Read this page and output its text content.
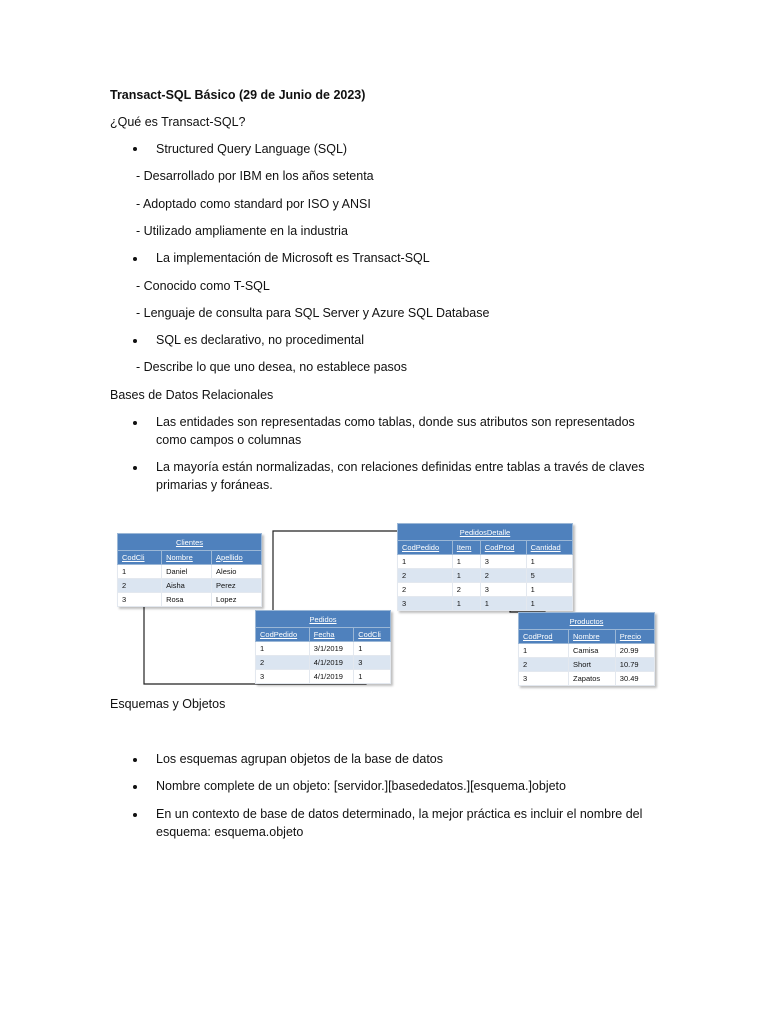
Transact-SQL Básico (29 de Junio de 2023)
¿Qué es Transact-SQL?
Structured Query Language (SQL)
- Desarrollado por IBM en los años setenta
- Adoptado como standard por ISO y ANSI
- Utilizado ampliamente en la industria
La implementación de Microsoft es Transact-SQL
- Conocido como T-SQL
- Lenguaje de consulta para SQL Server y Azure SQL Database
SQL es declarativo, no procedimental
- Describe lo que uno desea, no establece pasos
Bases de Datos Relacionales
Las entidades son representadas como tablas, donde sus atributos son representados como campos o columnas
La mayoría están normalizadas, con relaciones definidas entre tablas a través de claves primarias y foráneas.
Clientes		
CodCli	Nombre	Apellido
1	Daniel	Alesio
2	Aisha	Perez
3	Rosa	Lopez
Pedidos		
CodPedido	Fecha	CodCli
1	3/1/2019	1
2	4/1/2019	3
3	4/1/2019	1
PedidosDetalle			
CodPedido	Item	CodProd	Cantidad
1	1	3	1
2	1	2	5
2	2	3	1
3	1	1	1
Productos		
CodProd	Nombre	Precio
1	Camisa	20.99
2	Short	10.79
3	Zapatos	30.49
Esquemas y Objetos
Los esquemas agrupan objetos de la base de datos
Nombre complete de un objeto: [servidor.][basededatos.][esquema.]objeto
En un contexto de base de datos determinado, la mejor práctica es incluir el nombre del esquema: esquema.objeto
